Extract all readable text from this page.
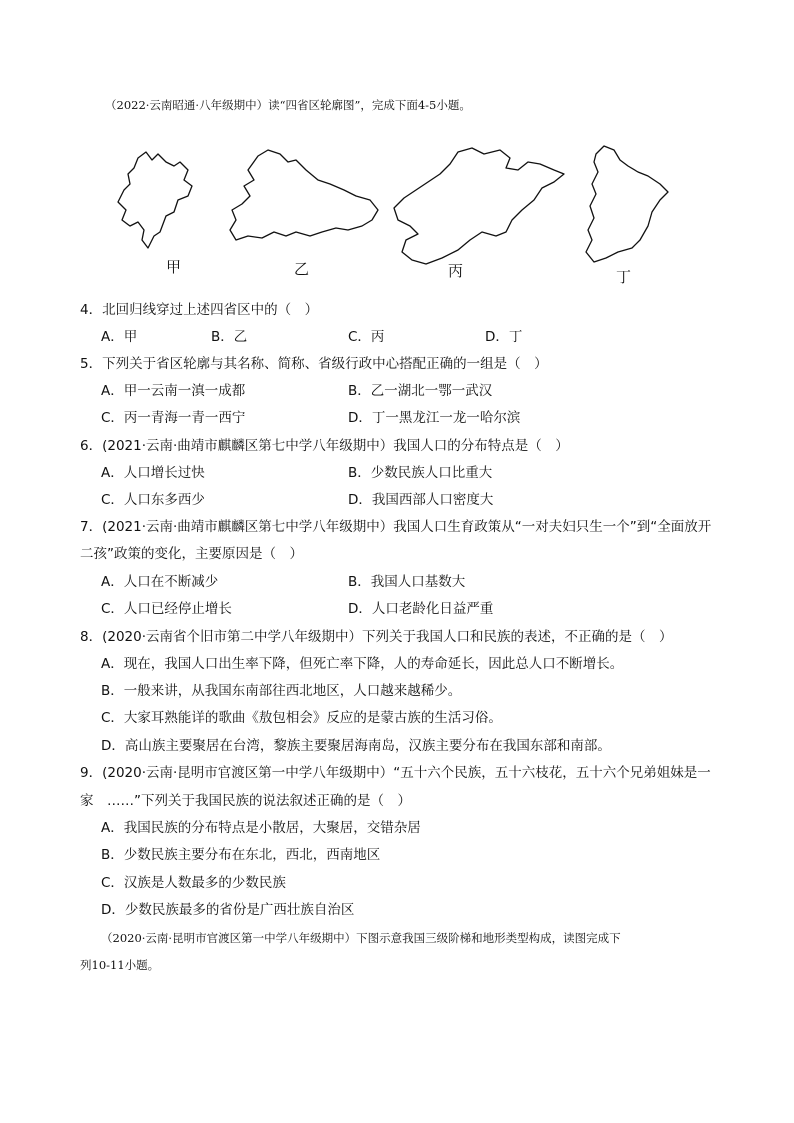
（2022·云南昭通·八年级期中）读“四省区轮廓图”，完成下面4-5小题。
甲	乙	丙	丁
4．北回归线穿过上述四省区中的（　）
A．甲	B．乙	C．丙	D．丁
5．下列关于省区轮廓与其名称、简称、省级行政中心搭配正确的一组是（　）
A．甲一云南一滇一成都	B．乙一湖北一鄂一武汉
C．丙一青海一青一西宁	D．丁一黑龙江一龙一哈尔滨
6．(2021·云南·曲靖市麒麟区第七中学八年级期中）我国人口的分布特点是（　）
A．人口增长过快	B．少数民族人口比重大
C．人口东多西少	D．我国西部人口密度大
7．(2021·云南·曲靖市麒麟区第七中学八年级期中）我国人口生育政策从“一对夫妇只生一个”到“全面放开
二孩”政策的变化，主要原因是（　）
A．人口在不断减少	B．我国人口基数大
C．人口已经停止增长	D．人口老龄化日益严重
8．(2020·云南省个旧市第二中学八年级期中）下列关于我国人口和民族的表述，不正确的是（　）
A．现在，我国人口出生率下降，但死亡率下降，人的寿命延长，因此总人口不断增长。
B．一般来讲，从我国东南部往西北地区，人口越来越稀少。
C．大家耳熟能详的歌曲《敖包相会》反应的是蒙古族的生活习俗。
D．高山族主要聚居在台湾，黎族主要聚居海南岛，汉族主要分布在我国东部和南部。
9．(2020·云南·昆明市官渡区第一中学八年级期中）“五十六个民族，五十六枝花，五十六个兄弟姐妹是一
家　……”下列关于我国民族的说法叙述正确的是（　）
A．我国民族的分布特点是小散居，大聚居，交错杂居
B．少数民族主要分布在东北，西北，西南地区
C．汉族是人数最多的少数民族
D．少数民族最多的省份是广西壮族自治区
（2020·云南·昆明市官渡区第一中学八年级期中）下图示意我国三级阶梯和地形类型构成，读图完成下
列10-11小题。
